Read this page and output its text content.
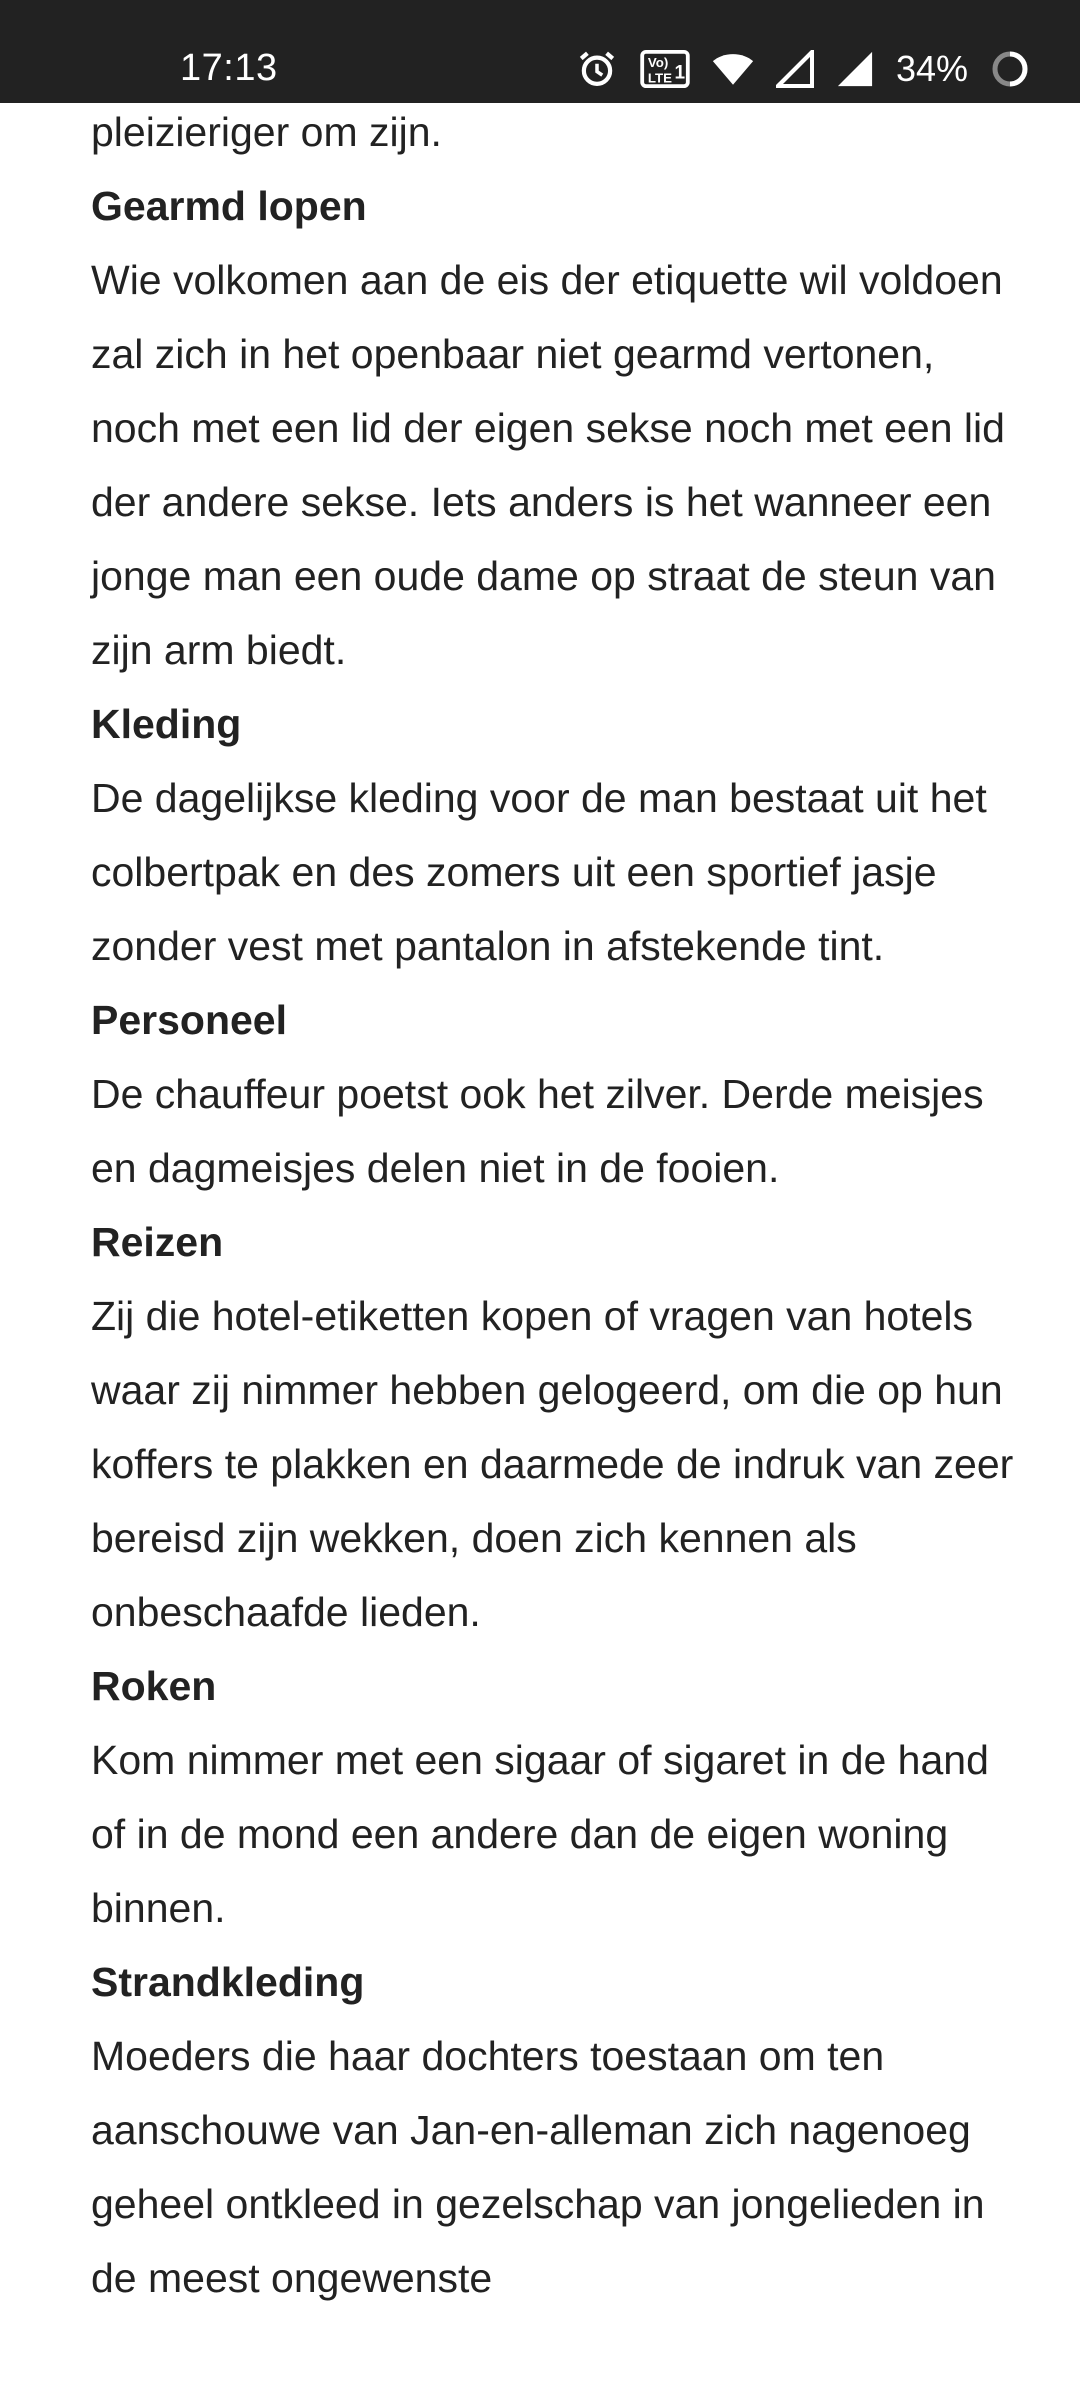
17:13	Vo)
LTE 1	34%

pleizieriger om zijn.

Gearmd lopen

Wie volkomen aan de eis der etiquette wil voldoen zal zich in het openbaar niet gearmd vertonen, noch met een lid der eigen sekse noch met een lid der andere sekse. Iets anders is het wanneer een jonge man een oude dame op straat de steun van zijn arm biedt.

Kleding

De dagelijkse kleding voor de man bestaat uit het colbertpak en des zomers uit een sportief jasje zonder vest met pantalon in afstekende tint.

Personeel

De chauffeur poetst ook het zilver. Derde meisjes en dagmeisjes delen niet in de fooien.

Reizen

Zij die hotel-etiketten kopen of vragen van hotels waar zij nimmer hebben gelogeerd, om die op hun koffers te plakken en daarmede de indruk van zeer bereisd zijn wekken, doen zich kennen als onbeschaafde lieden.

Roken

Kom nimmer met een sigaar of sigaret in de hand of in de mond een andere dan de eigen woning binnen.

Strandkleding

Moeders die haar dochters toestaan om ten aanschouwe van Jan-en-alleman zich nagenoeg geheel ontkleed in gezelschap van jongelieden in de meest ongewenste
